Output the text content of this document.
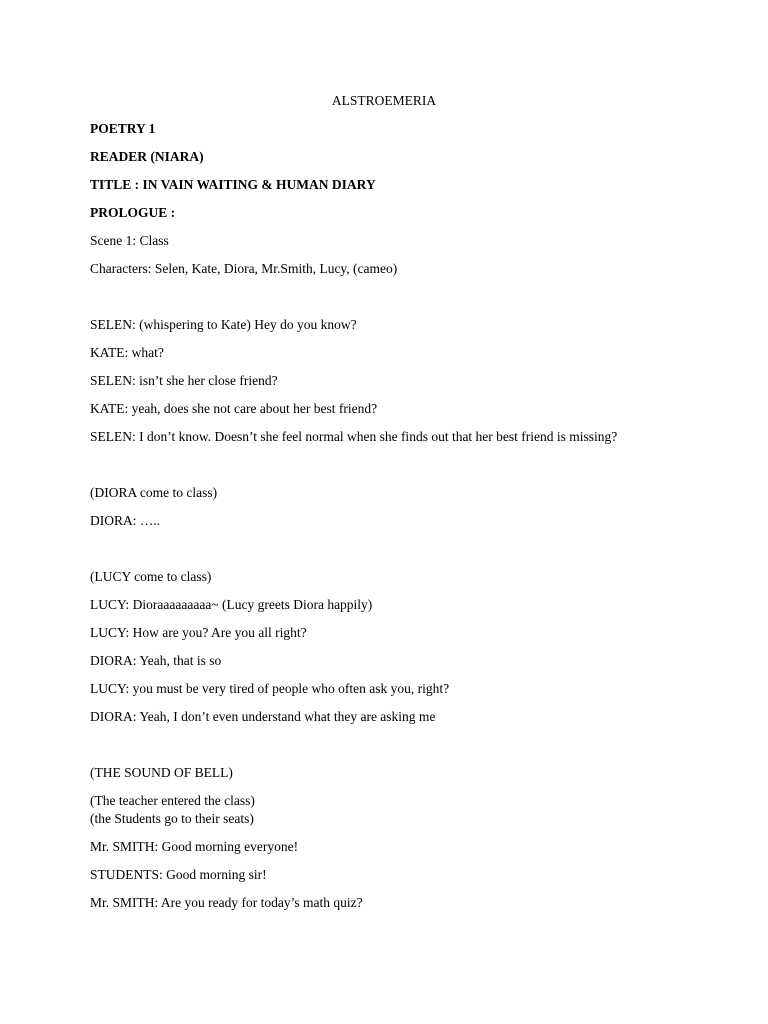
ALSTROEMERIA
POETRY 1
READER (NIARA)
TITLE : IN VAIN WAITING & HUMAN DIARY
PROLOGUE :
Scene 1: Class
Characters: Selen, Kate, Diora, Mr.Smith, Lucy, (cameo)
SELEN: (whispering to Kate) Hey do you know?
KATE: what?
SELEN: isn’t she her close friend?
KATE: yeah, does she not care about her best friend?
SELEN: I don’t know. Doesn’t she feel normal when she finds out that her best friend is missing?
(DIORA come to class)
DIORA: …..
(LUCY come to class)
LUCY: Dioraaaaaaaaa~ (Lucy greets Diora happily)
LUCY: How are you? Are you all right?
DIORA: Yeah, that is so
LUCY: you must be very tired of people who often ask you, right?
DIORA: Yeah, I don’t even understand what they are asking me
(THE SOUND OF BELL)
(The teacher entered the class)
(the Students go to their seats)
Mr. SMITH: Good morning everyone!
STUDENTS: Good morning sir!
Mr. SMITH: Are you ready for today’s math quiz?
